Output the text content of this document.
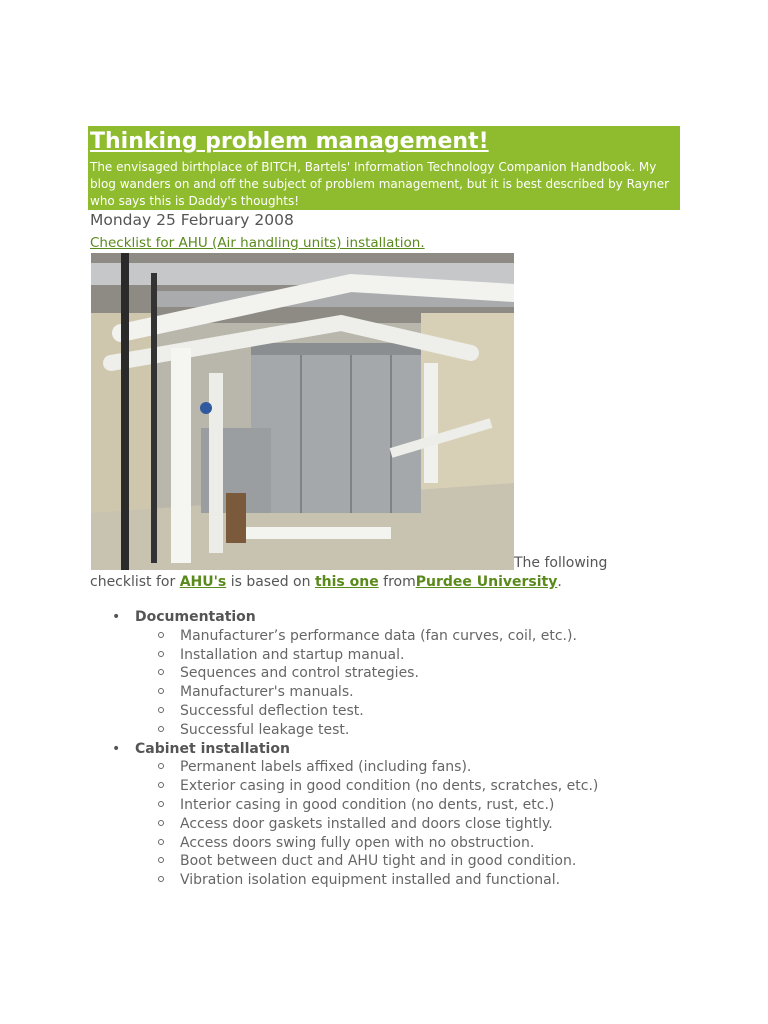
Thinking problem management!

The envisaged birthplace of BITCH, Bartels' Information Technology Companion Handbook. My blog wanders on and off the subject of problem management, but it is best described by Rayner who says this is Daddy's thoughts!

Monday 25 February 2008
Checklist for AHU (Air handling units) installation.
The following checklist for AHU's is based on this one fromPurdee University.
• Documentation
Manufacturer’s performance data (fan curves, coil, etc.).
Installation and startup manual.
Sequences and control strategies.
Manufacturer's manuals.
Successful deflection test.
Successful leakage test.
• Cabinet installation
Permanent labels affixed (including fans).
Exterior casing in good condition (no dents, scratches, etc.)
Interior casing in good condition (no dents, rust, etc.)
Access door gaskets installed and doors close tightly.
Access doors swing fully open with no obstruction.
Boot between duct and AHU tight and in good condition.
Vibration isolation equipment installed and functional.
